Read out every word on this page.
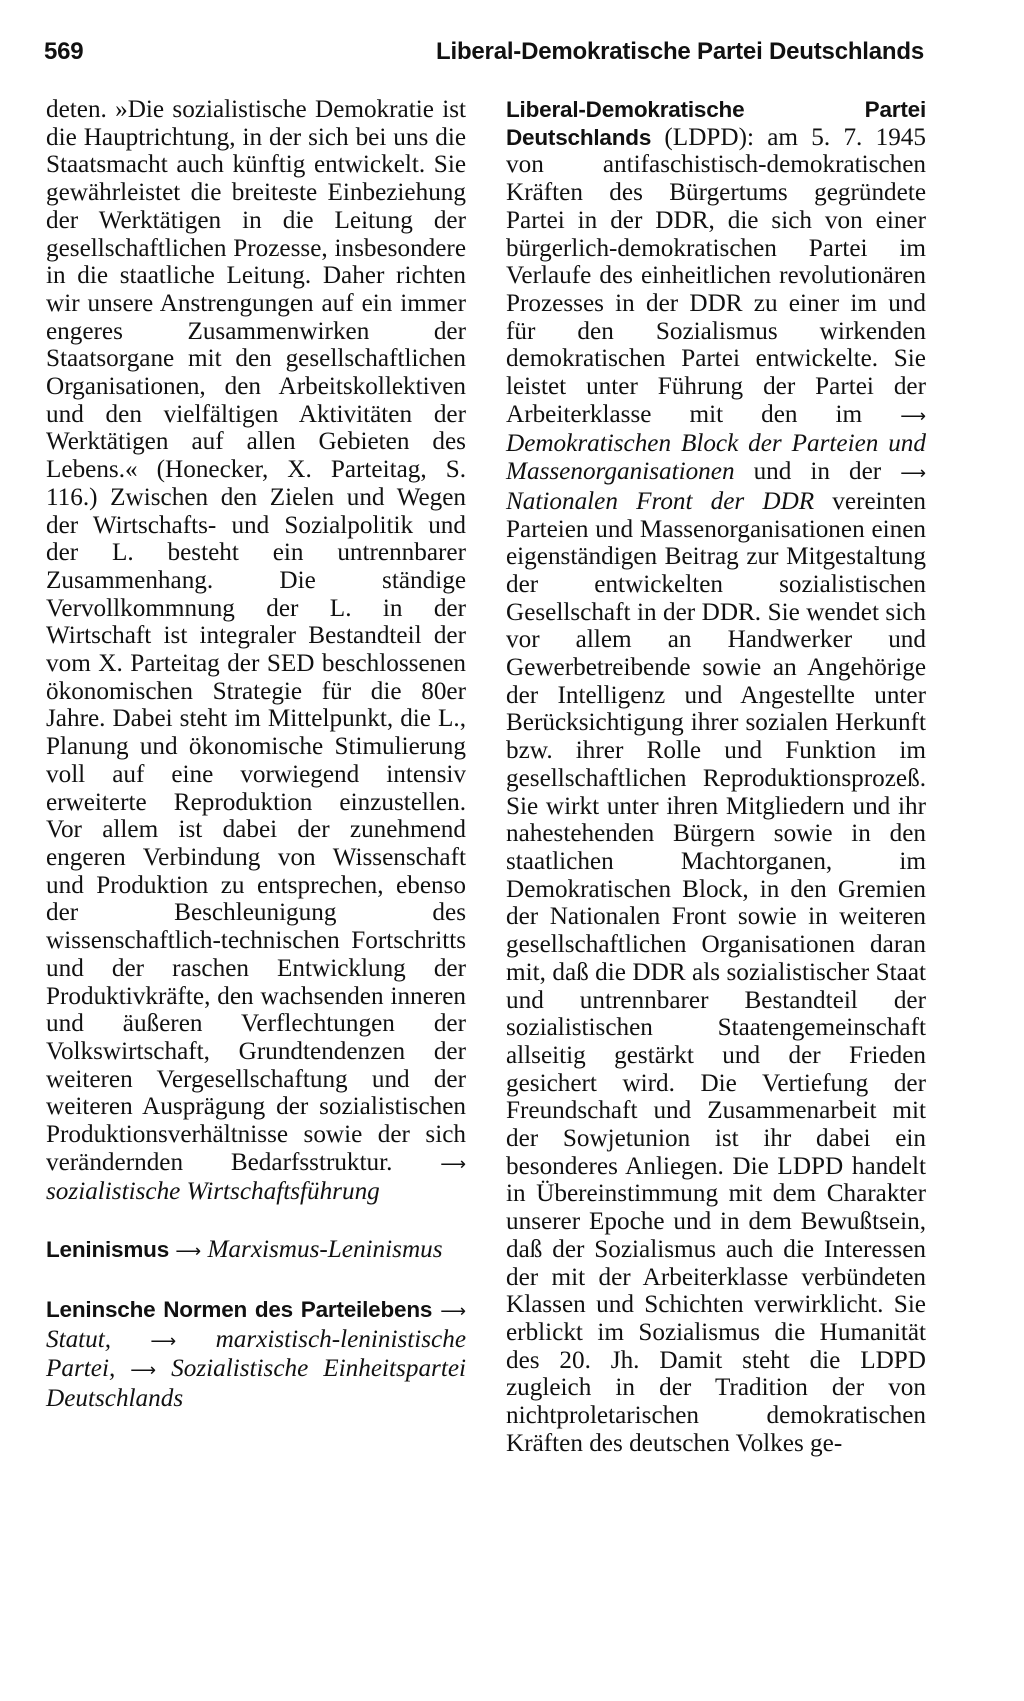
569	Liberal-Demokratische Partei Deutschlands

deten. »Die sozialistische Demokratie ist die Hauptrichtung, in der sich bei uns die Staatsmacht auch künftig entwickelt. Sie gewährleistet die breiteste Einbeziehung der Werktätigen in die Leitung der gesellschaftlichen Prozesse, insbesondere in die staatliche Leitung. Daher richten wir unsere Anstrengungen auf ein immer engeres Zusammenwirken der Staatsorgane mit den gesellschaftlichen Organisationen, den Arbeitskollektiven und den vielfältigen Aktivitäten der Werktätigen auf allen Gebieten des Lebens.« (Honecker, X. Parteitag, S. 116.) Zwischen den Zielen und Wegen der Wirtschafts- und Sozialpolitik und der L. besteht ein untrennbarer Zusammenhang. Die ständige Vervollkommnung der L. in der Wirtschaft ist integraler Bestandteil der vom X. Parteitag der SED beschlossenen ökonomischen Strategie für die 80er Jahre. Dabei steht im Mittelpunkt, die L., Planung und ökonomische Stimulierung voll auf eine vorwiegend intensiv erweiterte Reproduktion einzustellen. Vor allem ist dabei der zunehmend engeren Verbindung von Wissenschaft und Produktion zu entsprechen, ebenso der Beschleunigung des wissenschaftlich-technischen Fortschritts und der raschen Entwicklung der Produktivkräfte, den wachsenden inneren und äußeren Verflechtungen der Volkswirtschaft, Grundtendenzen der weiteren Vergesellschaftung und der weiteren Ausprägung der sozialistischen Produktionsverhältnisse sowie der sich verändernden Bedarfsstruktur.	⟶ sozialistische Wirtschaftsführung

Leninismus ⟶ Marxismus-Leninismus

Leninsche Normen des Parteilebens ⟶ Statut, ⟶ marxistisch-leninistische Partei, ⟶ Sozialistische Einheitspartei Deutschlands

Liberal-Demokratische Partei Deutschlands (LDPD): am 5. 7. 1945 von antifaschistisch-demokratischen Kräften des Bürgertums gegründete Partei in der DDR, die sich von einer bürgerlich-demokratischen Partei im Verlaufe des einheitlichen revolutionären Prozesses in der DDR zu einer im und für den Sozialismus wirkenden demokratischen Partei entwickelte. Sie leistet unter Führung der Partei der Arbeiterklasse mit den im ⟶ Demokratischen Block der Parteien und Massenorganisationen und in der ⟶ Nationalen Front der DDR vereinten Parteien und Massenorganisationen einen eigenständigen Beitrag zur Mitgestaltung der entwickelten sozialistischen Gesellschaft in der DDR. Sie wendet sich vor allem an Handwerker und Gewerbetreibende sowie an Angehörige der Intelligenz und Angestellte unter Berücksichtigung ihrer sozialen Herkunft bzw. ihrer Rolle und Funktion im gesellschaftlichen Reproduktionsprozeß. Sie wirkt unter ihren Mitgliedern und ihr nahestehenden Bürgern sowie in den staatlichen Machtorganen, im Demokratischen Block, in den Gremien der Nationalen Front sowie in weiteren gesellschaftlichen Organisationen daran mit, daß die DDR als sozialistischer Staat und untrennbarer Bestandteil der sozialistischen Staatengemeinschaft allseitig gestärkt und der Frieden gesichert wird. Die Vertiefung der Freundschaft und Zusammenarbeit mit der Sowjetunion ist ihr dabei ein besonderes Anliegen. Die LDPD handelt in Übereinstimmung mit dem Charakter unserer Epoche und in dem Bewußtsein, daß der Sozialismus auch die Interessen der mit der Arbeiterklasse verbündeten Klassen und Schichten verwirklicht. Sie erblickt im Sozialismus die Humanität des 20. Jh. Damit steht die LDPD zugleich in der Tradition der von nichtproletarischen demokratischen Kräften des deutschen Volkes ge-
